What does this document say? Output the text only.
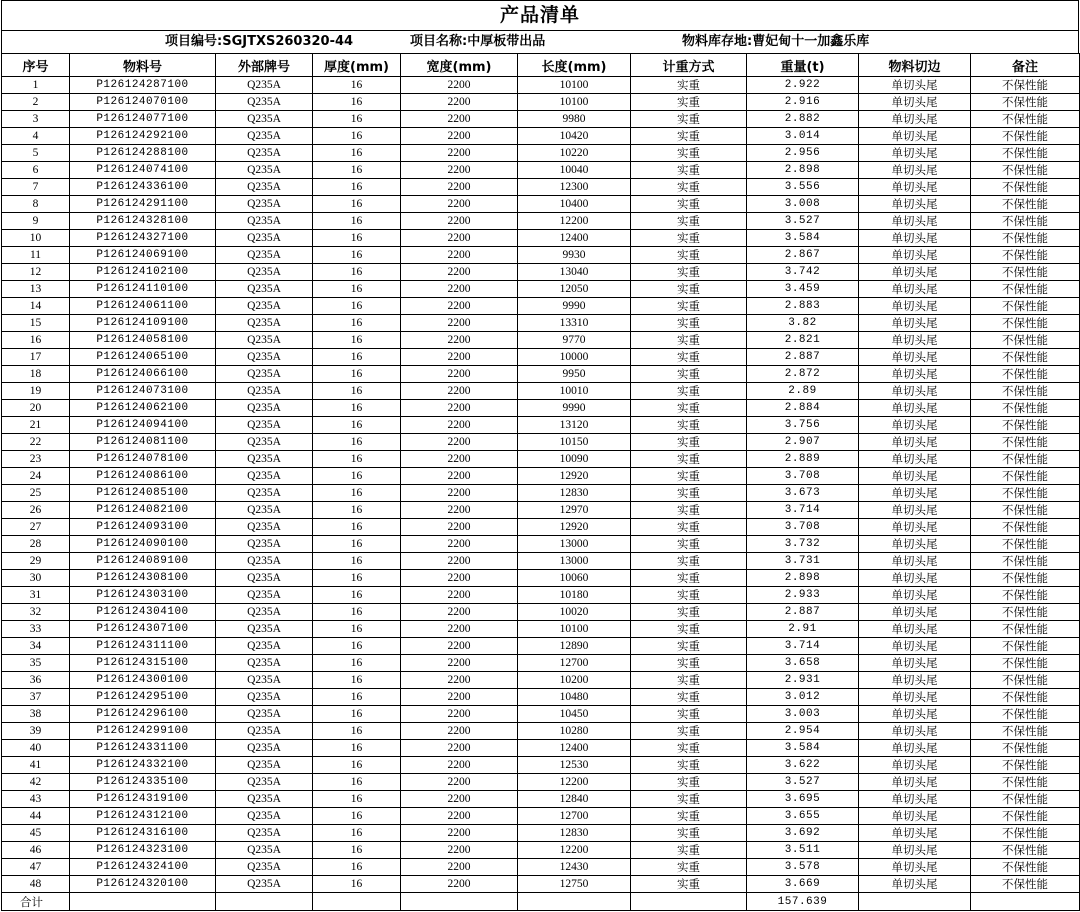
产品清单
项目编号:SGJTXS260320-44	项目名称:中厚板带出品	物料库存地:曹妃甸十一加鑫乐库
序号	物料号	外部牌号	厚度(mm)	宽度(mm)	长度(mm)	计重方式	重量(t)	物料切边	备注
1	P126124287100	Q235A	16	2200	10100	实重	2.922	单切头尾	不保性能
2	P126124070100	Q235A	16	2200	10100	实重	2.916	单切头尾	不保性能
3	P126124077100	Q235A	16	2200	9980	实重	2.882	单切头尾	不保性能
4	P126124292100	Q235A	16	2200	10420	实重	3.014	单切头尾	不保性能
5	P126124288100	Q235A	16	2200	10220	实重	2.956	单切头尾	不保性能
6	P126124074100	Q235A	16	2200	10040	实重	2.898	单切头尾	不保性能
7	P126124336100	Q235A	16	2200	12300	实重	3.556	单切头尾	不保性能
8	P126124291100	Q235A	16	2200	10400	实重	3.008	单切头尾	不保性能
9	P126124328100	Q235A	16	2200	12200	实重	3.527	单切头尾	不保性能
10	P126124327100	Q235A	16	2200	12400	实重	3.584	单切头尾	不保性能
11	P126124069100	Q235A	16	2200	9930	实重	2.867	单切头尾	不保性能
12	P126124102100	Q235A	16	2200	13040	实重	3.742	单切头尾	不保性能
13	P126124110100	Q235A	16	2200	12050	实重	3.459	单切头尾	不保性能
14	P126124061100	Q235A	16	2200	9990	实重	2.883	单切头尾	不保性能
15	P126124109100	Q235A	16	2200	13310	实重	3.82	单切头尾	不保性能
16	P126124058100	Q235A	16	2200	9770	实重	2.821	单切头尾	不保性能
17	P126124065100	Q235A	16	2200	10000	实重	2.887	单切头尾	不保性能
18	P126124066100	Q235A	16	2200	9950	实重	2.872	单切头尾	不保性能
19	P126124073100	Q235A	16	2200	10010	实重	2.89	单切头尾	不保性能
20	P126124062100	Q235A	16	2200	9990	实重	2.884	单切头尾	不保性能
21	P126124094100	Q235A	16	2200	13120	实重	3.756	单切头尾	不保性能
22	P126124081100	Q235A	16	2200	10150	实重	2.907	单切头尾	不保性能
23	P126124078100	Q235A	16	2200	10090	实重	2.889	单切头尾	不保性能
24	P126124086100	Q235A	16	2200	12920	实重	3.708	单切头尾	不保性能
25	P126124085100	Q235A	16	2200	12830	实重	3.673	单切头尾	不保性能
26	P126124082100	Q235A	16	2200	12970	实重	3.714	单切头尾	不保性能
27	P126124093100	Q235A	16	2200	12920	实重	3.708	单切头尾	不保性能
28	P126124090100	Q235A	16	2200	13000	实重	3.732	单切头尾	不保性能
29	P126124089100	Q235A	16	2200	13000	实重	3.731	单切头尾	不保性能
30	P126124308100	Q235A	16	2200	10060	实重	2.898	单切头尾	不保性能
31	P126124303100	Q235A	16	2200	10180	实重	2.933	单切头尾	不保性能
32	P126124304100	Q235A	16	2200	10020	实重	2.887	单切头尾	不保性能
33	P126124307100	Q235A	16	2200	10100	实重	2.91	单切头尾	不保性能
34	P126124311100	Q235A	16	2200	12890	实重	3.714	单切头尾	不保性能
35	P126124315100	Q235A	16	2200	12700	实重	3.658	单切头尾	不保性能
36	P126124300100	Q235A	16	2200	10200	实重	2.931	单切头尾	不保性能
37	P126124295100	Q235A	16	2200	10480	实重	3.012	单切头尾	不保性能
38	P126124296100	Q235A	16	2200	10450	实重	3.003	单切头尾	不保性能
39	P126124299100	Q235A	16	2200	10280	实重	2.954	单切头尾	不保性能
40	P126124331100	Q235A	16	2200	12400	实重	3.584	单切头尾	不保性能
41	P126124332100	Q235A	16	2200	12530	实重	3.622	单切头尾	不保性能
42	P126124335100	Q235A	16	2200	12200	实重	3.527	单切头尾	不保性能
43	P126124319100	Q235A	16	2200	12840	实重	3.695	单切头尾	不保性能
44	P126124312100	Q235A	16	2200	12700	实重	3.655	单切头尾	不保性能
45	P126124316100	Q235A	16	2200	12830	实重	3.692	单切头尾	不保性能
46	P126124323100	Q235A	16	2200	12200	实重	3.511	单切头尾	不保性能
47	P126124324100	Q235A	16	2200	12430	实重	3.578	单切头尾	不保性能
48	P126124320100	Q235A	16	2200	12750	实重	3.669	单切头尾	不保性能
合计							157.639		
